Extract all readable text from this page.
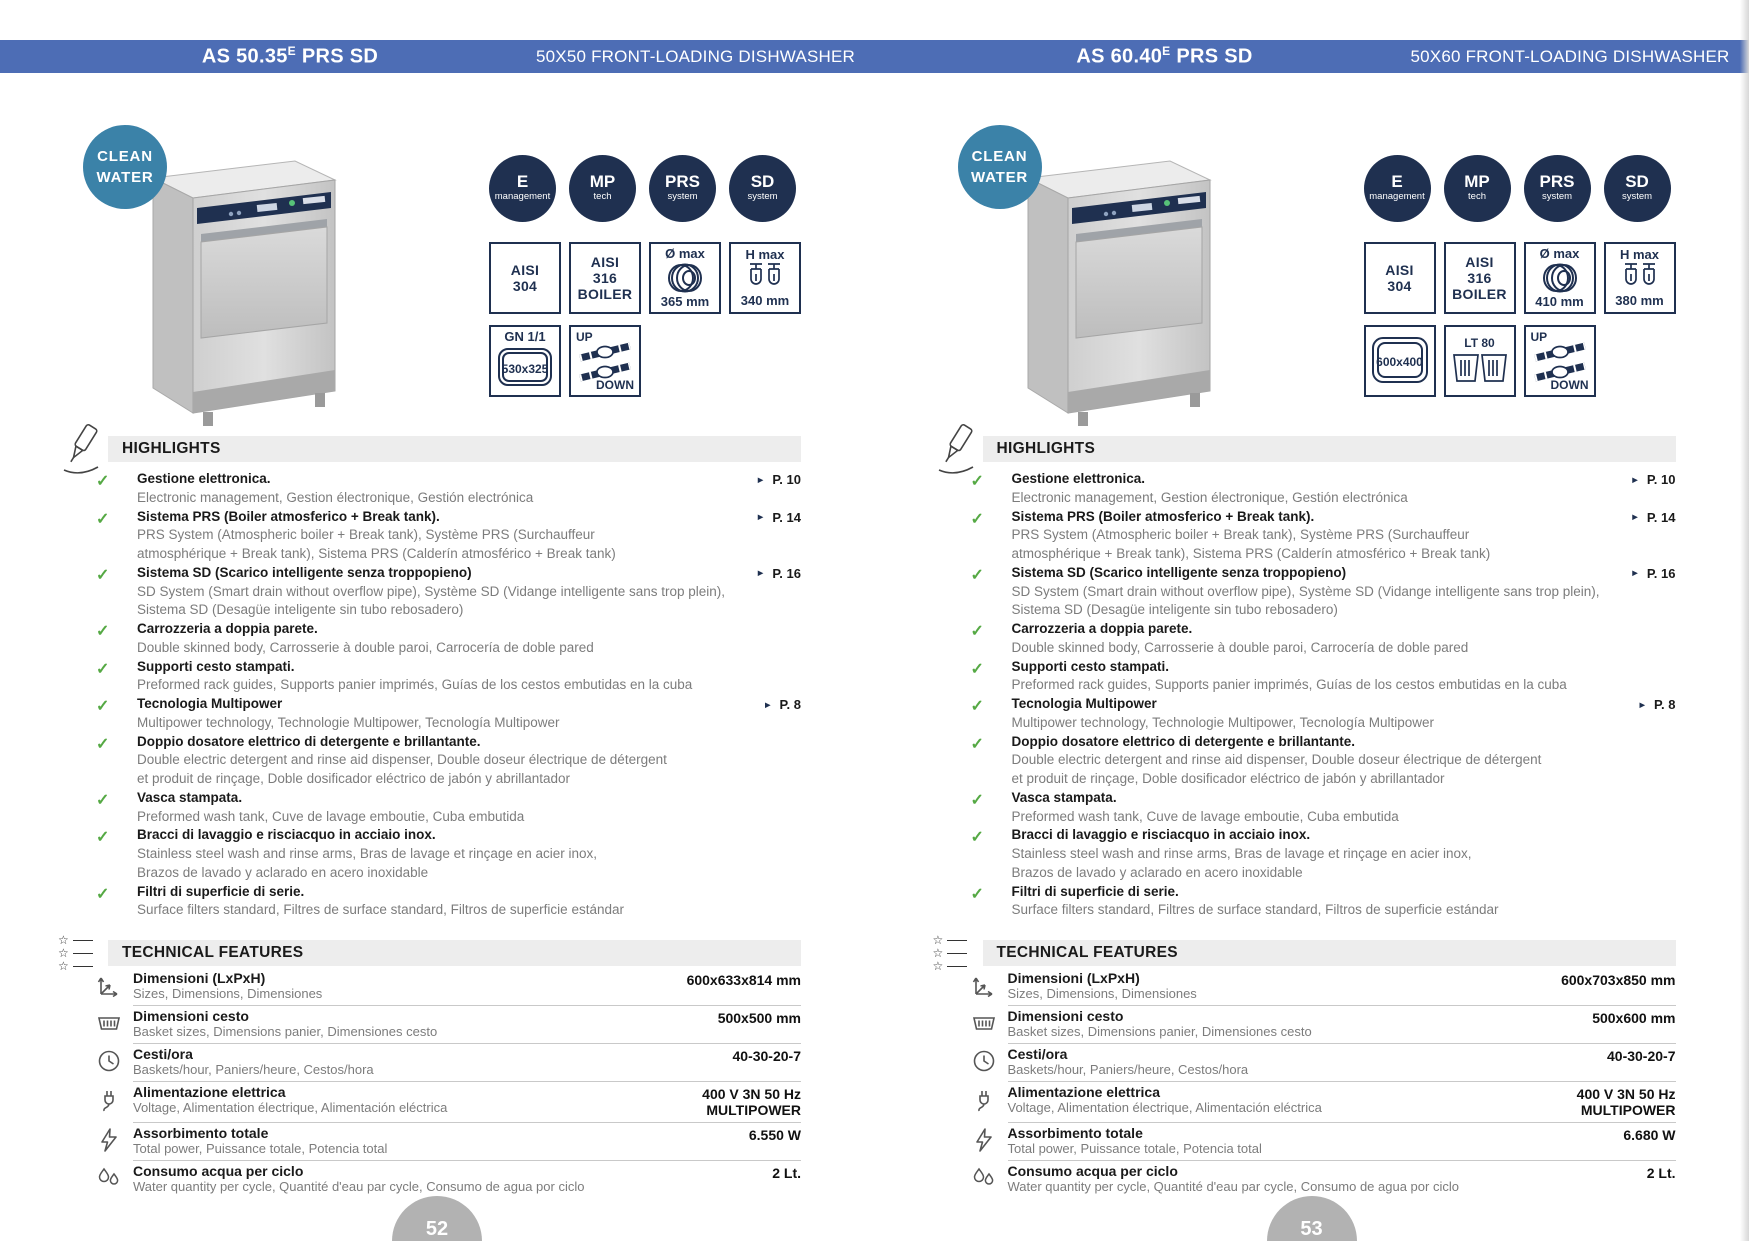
AS $50.35^E$ PRS SD	50X50 FRONT-LOADING DISHWASHER
CLEAN
WATER	E
management
MP
tech
PRS
system
SD
system
AISI
304
AISI
316
BOILER
Ø max
365 mm
H max
340 mm
GN 1/1
530x325
UP
DOWN
HIGHLIGHTS
✓ Gestione elettronica.
Electronic management, Gestion électronique, Gestión electrónica
► P. 10
✓ Sistema PRS (Boiler atmosferico + Break tank).
PRS System (Atmospheric boiler + Break tank), Système PRS (Surchauffeur
atmosphérique + Break tank), Sistema PRS (Calderín atmosférico + Break tank)
► P. 14
✓ Sistema SD (Scarico intelligente senza troppopieno)
SD System (Smart drain without overflow pipe), Système SD (Vidange intelligente sans trop plein),
Sistema SD (Desagüe inteligente sin tubo rebosadero)
► P. 16
✓ Carrozzeria a doppia parete.
Double skinned body, Carrosserie à double paroi, Carrocería de doble pared
✓ Supporti cesto stampati.
Preformed rack guides, Supports panier imprimés, Guías de los cestos embutidas en la cuba
✓ Tecnologia Multipower
Multipower technology, Technologie Multipower, Tecnología Multipower
► P. 8
✓ Doppio dosatore elettrico di detergente e brillantante.
Double electric detergent and rinse aid dispenser, Double doseur électrique de détergent
et produit de rinçage, Doble dosificador eléctrico de jabón y abrillantador
✓ Vasca stampata.
Preformed wash tank, Cuve de lavage emboutie, Cuba embutida
✓ Bracci di lavaggio e risciacquo in acciaio inox.
Stainless steel wash and rinse arms, Bras de lavage et rinçage en acier inox,
Brazos de lavado y aclarado en acero inoxidable
✓ Filtri di superficie di serie.
Surface filters standard, Filtres de surface standard, Filtros de superficie estándar
☆
☆
☆
TECHNICAL FEATURES
Dimensioni (LxPxH)
Sizes, Dimensions, Dimensiones
600x633x814 mm
Dimensioni cesto
Basket sizes, Dimensions panier, Dimensiones cesto
500x500 mm
Cesti/ora
Baskets/hour, Paniers/heure, Cestos/hora
40-30-20-7
Alimentazione elettrica
Voltage, Alimentation électrique, Alimentación eléctrica
400 V 3N 50 Hz
MULTIPOWER
Assorbimento totale
Total power, Puissance totale, Potencia total
6.550 W
Consumo acqua per ciclo
Water quantity per cycle, Quantité d'eau par cycle, Consumo de agua por ciclo
2 Lt.
52
AS $60.40^E$ PRS SD	50X60 FRONT-LOADING DISHWASHER
CLEAN
WATER	E
management
MP
tech
PRS
system
SD
system
AISI
304
AISI
316
BOILER
Ø max
410 mm
H max
380 mm
600x400
LT 80	UP
DOWN
HIGHLIGHTS
✓ Gestione elettronica.
Electronic management, Gestion électronique, Gestión electrónica
► P. 10
✓ Sistema PRS (Boiler atmosferico + Break tank).
PRS System (Atmospheric boiler + Break tank), Système PRS (Surchauffeur
atmosphérique + Break tank), Sistema PRS (Calderín atmosférico + Break tank)
► P. 14
✓ Sistema SD (Scarico intelligente senza troppopieno)
SD System (Smart drain without overflow pipe), Système SD (Vidange intelligente sans trop plein),
Sistema SD (Desagüe inteligente sin tubo rebosadero)
► P. 16
✓ Carrozzeria a doppia parete.
Double skinned body, Carrosserie à double paroi, Carrocería de doble pared
✓ Supporti cesto stampati.
Preformed rack guides, Supports panier imprimés, Guías de los cestos embutidas en la cuba
✓ Tecnologia Multipower
Multipower technology, Technologie Multipower, Tecnología Multipower
► P. 8
✓ Doppio dosatore elettrico di detergente e brillantante.
Double electric detergent and rinse aid dispenser, Double doseur électrique de détergent
et produit de rinçage, Doble dosificador eléctrico de jabón y abrillantador
✓ Vasca stampata.
Preformed wash tank, Cuve de lavage emboutie, Cuba embutida
✓ Bracci di lavaggio e risciacquo in acciaio inox.
Stainless steel wash and rinse arms, Bras de lavage et rinçage en acier inox,
Brazos de lavado y aclarado en acero inoxidable
✓ Filtri di superficie di serie.
Surface filters standard, Filtres de surface standard, Filtros de superficie estándar
☆
☆
☆
TECHNICAL FEATURES
Dimensioni (LxPxH)
Sizes, Dimensions, Dimensiones
600x703x850 mm
Dimensioni cesto
Basket sizes, Dimensions panier, Dimensiones cesto
500x600 mm
Cesti/ora
Baskets/hour, Paniers/heure, Cestos/hora
40-30-20-7
Alimentazione elettrica
Voltage, Alimentation électrique, Alimentación eléctrica
400 V 3N 50 Hz
MULTIPOWER
Assorbimento totale
Total power, Puissance totale, Potencia total
6.680 W
Consumo acqua per ciclo
Water quantity per cycle, Quantité d'eau par cycle, Consumo de agua por ciclo
2 Lt.
53
